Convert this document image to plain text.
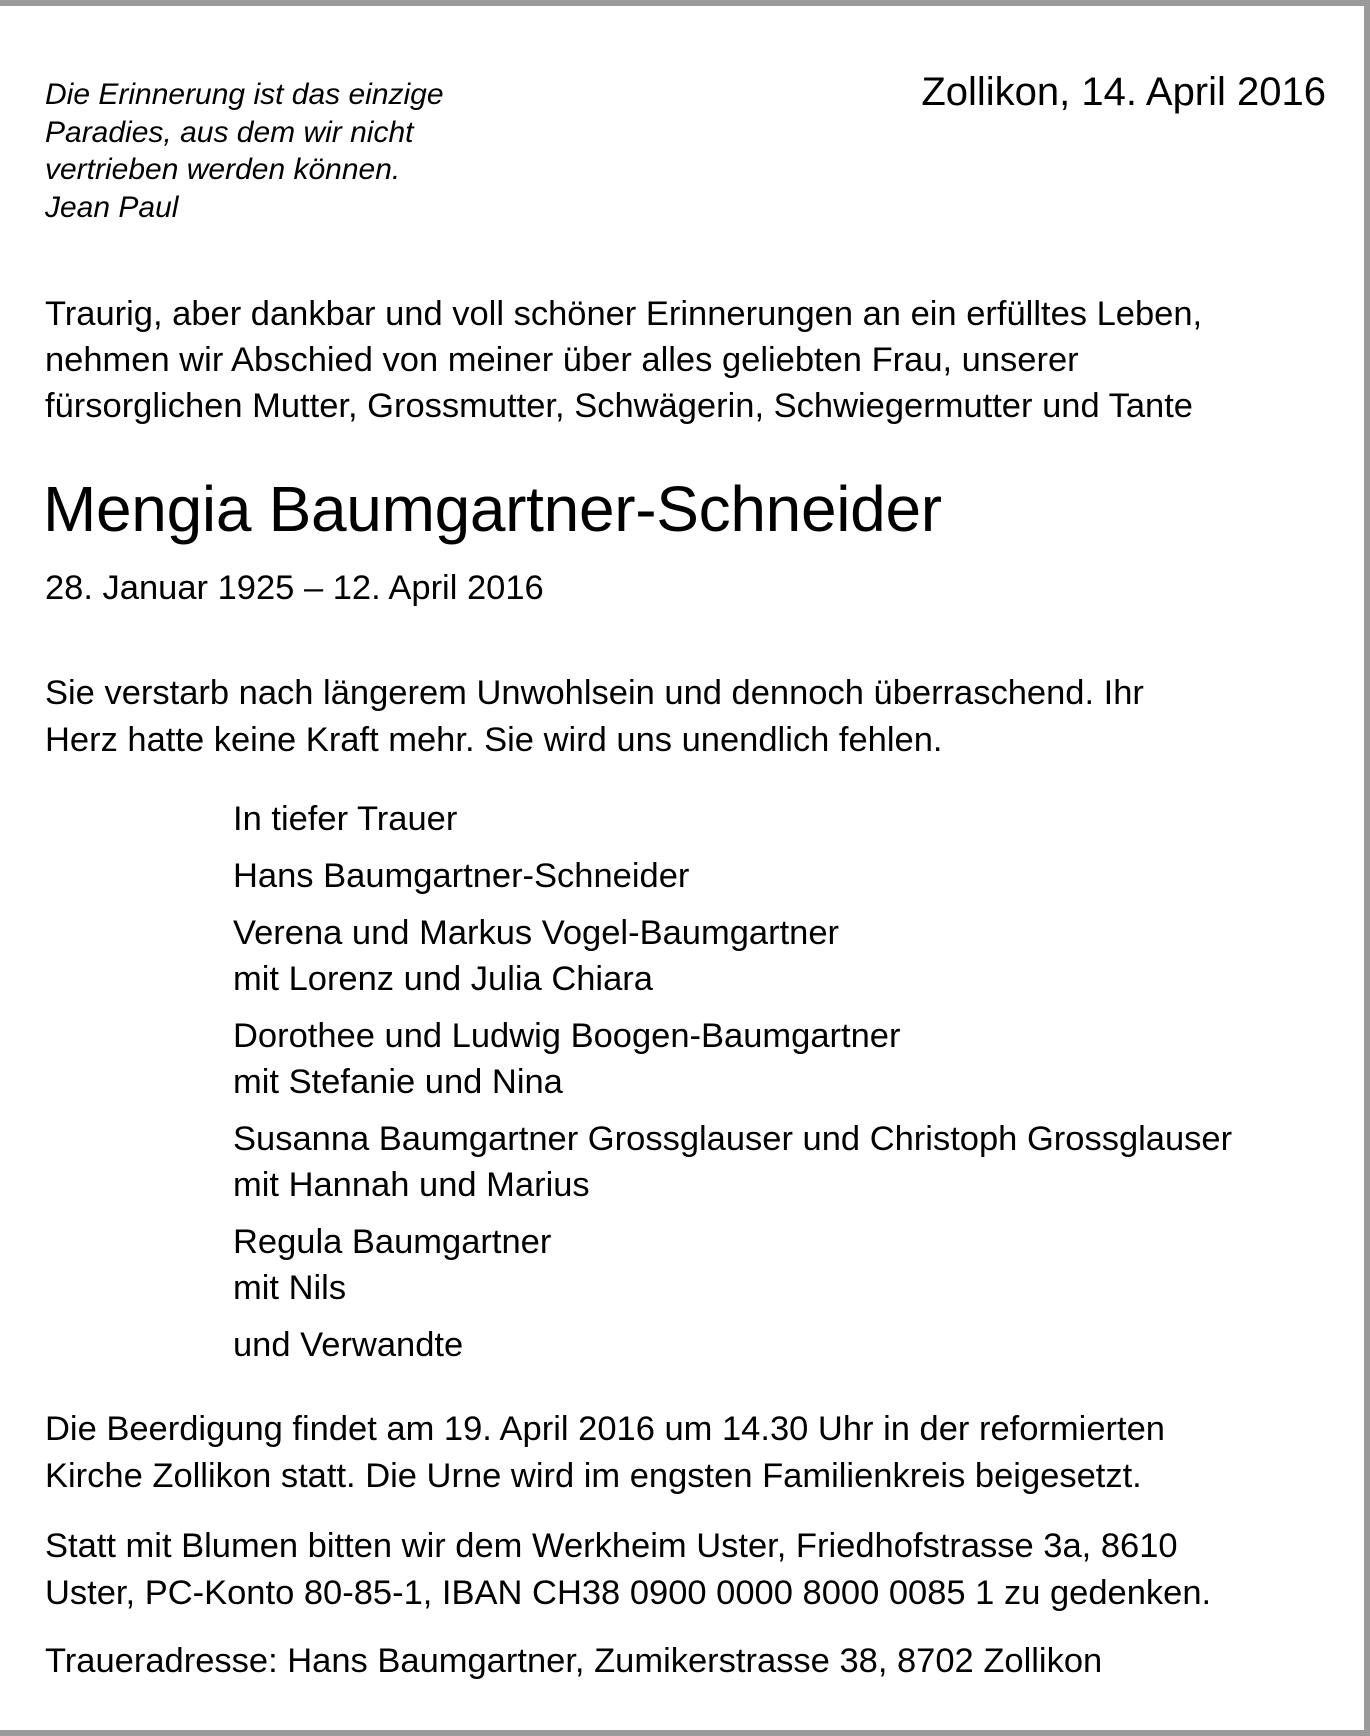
Die Erinnerung ist das einzige
Paradies, aus dem wir nicht
vertrieben werden können.
Jean Paul
Zollikon, 14. April 2016
Traurig, aber dankbar und voll schöner Erinnerungen an ein erfülltes Leben,
nehmen wir Abschied von meiner über alles geliebten Frau, unserer
fürsorglichen Mutter, Grossmutter, Schwägerin, Schwiegermutter und Tante
Mengia Baumgartner-Schneider
28. Januar 1925 – 12. April 2016
Sie verstarb nach längerem Unwohlsein und dennoch überraschend. Ihr
Herz hatte keine Kraft mehr. Sie wird uns unendlich fehlen.
In tiefer Trauer
Hans Baumgartner-Schneider
Verena und Markus Vogel-Baumgartner
mit Lorenz und Julia Chiara
Dorothee und Ludwig Boogen-Baumgartner
mit Stefanie und Nina
Susanna Baumgartner Grossglauser und Christoph Grossglauser
mit Hannah und Marius
Regula Baumgartner
mit Nils
und Verwandte
Die Beerdigung findet am 19. April 2016 um 14.30 Uhr in der reformierten
Kirche Zollikon statt. Die Urne wird im engsten Familienkreis beigesetzt.
Statt mit Blumen bitten wir dem Werkheim Uster, Friedhofstrasse 3a, 8610
Uster, PC-Konto 80-85-1, IBAN CH38 0900 0000 8000 0085 1 zu gedenken.
Traueradresse: Hans Baumgartner, Zumikerstrasse 38, 8702 Zollikon
